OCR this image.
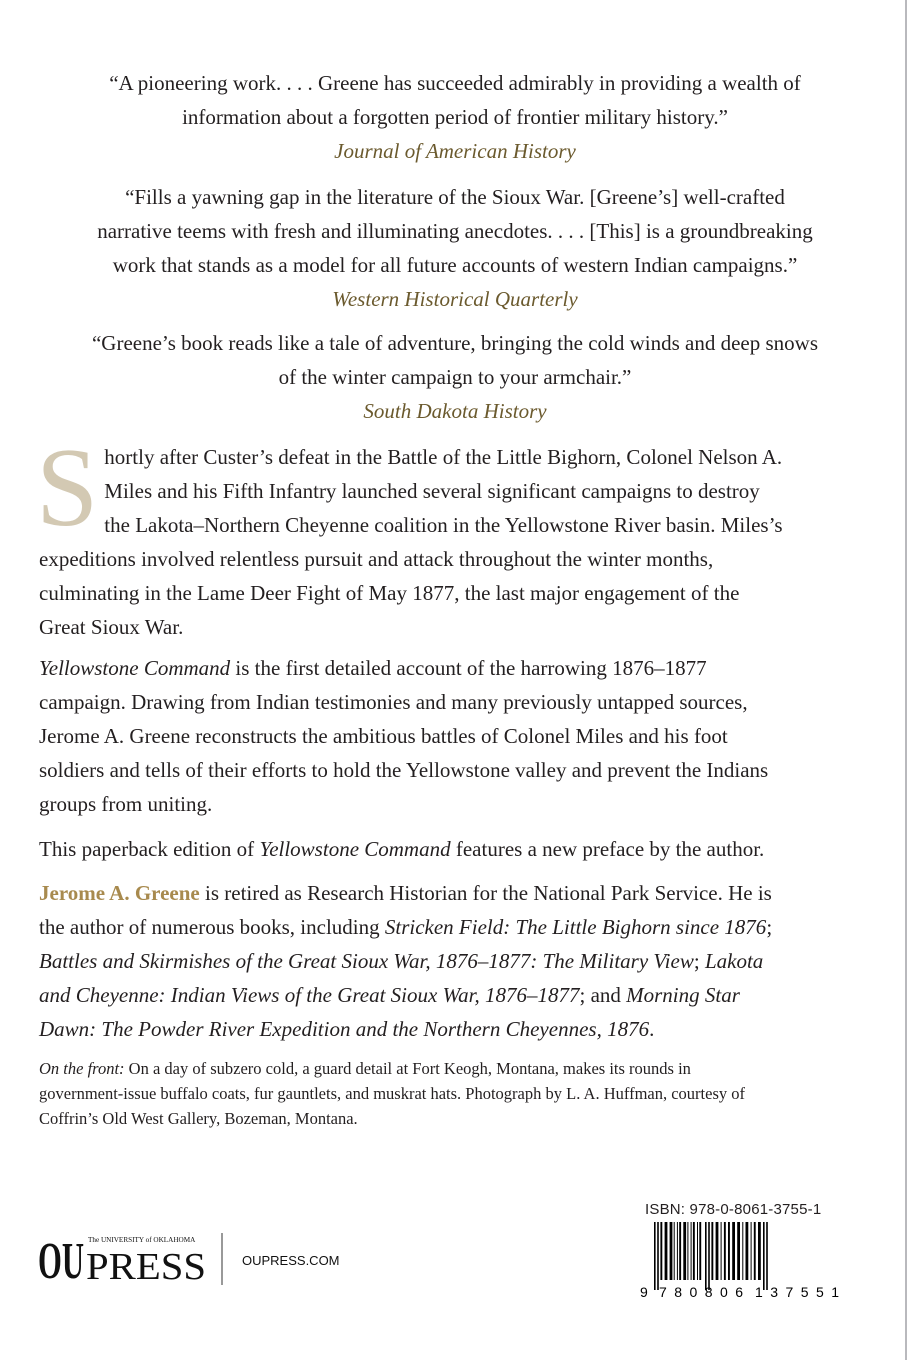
“A pioneering work. . . . Greene has succeeded admirably in providing a wealth of
information about a forgotten period of frontier military history.”
Journal of American History
“Fills a yawning gap in the literature of the Sioux War. [Greene’s] well-crafted
narrative teems with fresh and illuminating anecdotes. . . . [This] is a groundbreaking
work that stands as a model for all future accounts of western Indian campaigns.”
Western Historical Quarterly
“Greene’s book reads like a tale of adventure, bringing the cold winds and deep snows
of the winter campaign to your armchair.”
South Dakota History
S hortly after Custer’s defeat in the Battle of the Little Bighorn, Colonel Nelson A.
Miles and his Fifth Infantry launched several significant campaigns to destroy
the Lakota–Northern Cheyenne coalition in the Yellowstone River basin. Miles’s
expeditions involved relentless pursuit and attack throughout the winter months,
culminating in the Lame Deer Fight of May 1877, the last major engagement of the
Great Sioux War.
Yellowstone Command is the first detailed account of the harrowing 1876–1877
campaign. Drawing from Indian testimonies and many previously untapped sources,
Jerome A. Greene reconstructs the ambitious battles of Colonel Miles and his foot
soldiers and tells of their efforts to hold the Yellowstone valley and prevent the Indians
groups from uniting.
This paperback edition of Yellowstone Command features a new preface by the author.
Jerome A. Greene is retired as Research Historian for the National Park Service. He is
the author of numerous books, including Stricken Field: The Little Bighorn since 1876;
Battles and Skirmishes of the Great Sioux War, 1876–1877: The Military View; Lakota
and Cheyenne: Indian Views of the Great Sioux War, 1876–1877; and Morning Star
Dawn: The Powder River Expedition and the Northern Cheyennes, 1876.
On the front: On a day of subzero cold, a guard detail at Fort Keogh, Montana, makes its rounds in
government-issue buffalo coats, fur gauntlets, and muskrat hats. Photograph by L. A. Huffman, courtesy of
Coffrin’s Old West Gallery, Bozeman, Montana.
OU The UNIVERSITY of OKLAHOMA
PRESS	OUPRESS.COM
ISBN: 978-0-8061-3755-1
9 780806 137551
